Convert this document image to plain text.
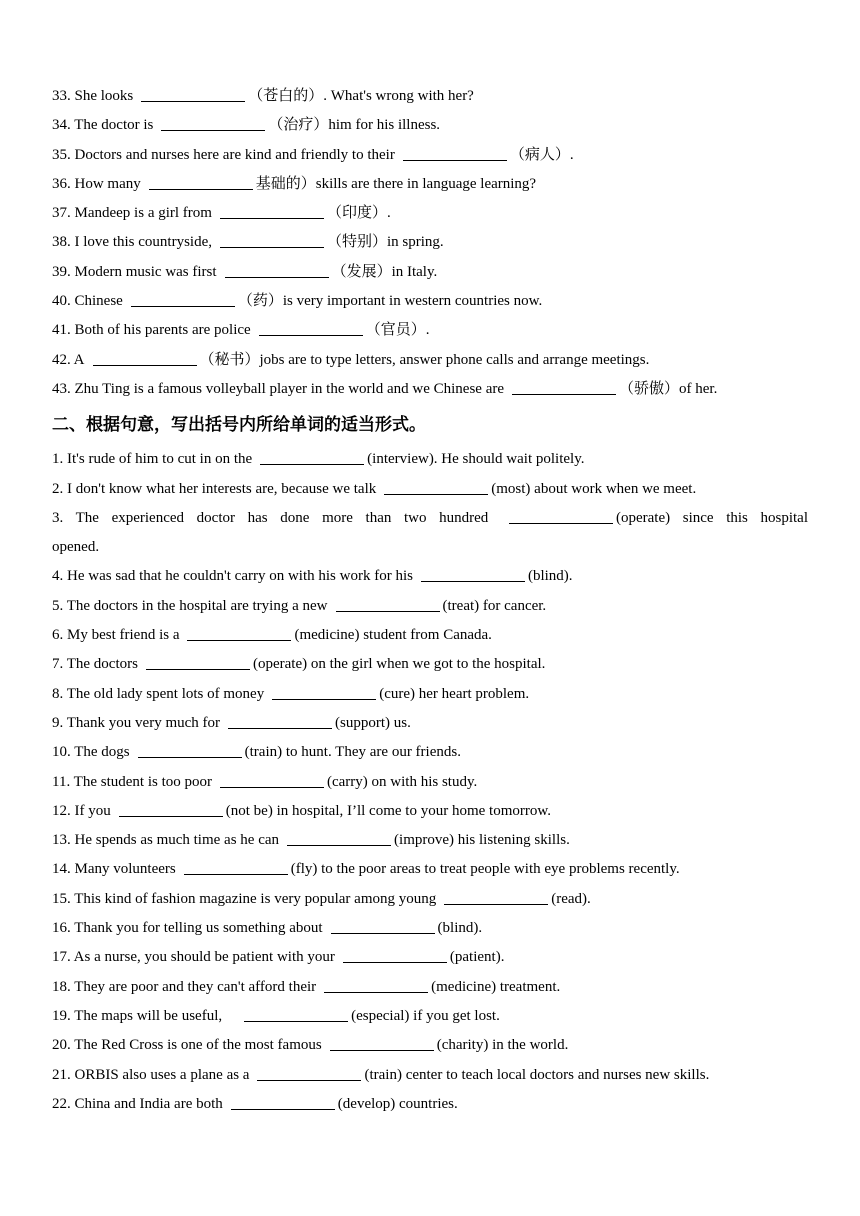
33. She looks	（苍白的）. What's wrong with her?
34. The doctor is	（治疗）him for his illness.
35. Doctors and nurses here are kind and friendly to their	（病人）.
36. How many	基础的）skills are there in language learning?
37. Mandeep is a girl from	（印度）.
38. I love this countryside,	（特别）in spring.
39. Modern music was first	（发展）in Italy.
40. Chinese	（药）is very important in western countries now.
41. Both of his parents are police	（官员）.
42. A	（秘书）jobs are to type letters, answer phone calls and arrange meetings.
43. Zhu Ting is a famous volleyball player in the world and we Chinese are	（骄傲）of her.
二、根据句意，写出括号内所给单词的适当形式。
1. It's rude of him to cut in on the	(interview). He should wait politely.
2. I don't know what her interests are, because we talk	(most) about work when we meet.
3. The experienced doctor has done more than two hundred	(operate) since this hospital
opened.
4. He was sad that he couldn't carry on with his work for his	(blind).
5. The doctors in the hospital are trying a new	(treat) for cancer.
6. My best friend is a	(medicine) student from Canada.
7. The doctors	(operate) on the girl when we got to the hospital.
8. The old lady spent lots of money	(cure) her heart problem.
9. Thank you very much for	(support) us.
10. The dogs	(train) to hunt. They are our friends.
11. The student is too poor	(carry) on with his study.
12. If you	(not be) in hospital, I’ll come to your home tomorrow.
13. He spends as much time as he can	(improve) his listening skills.
14. Many volunteers	(fly) to the poor areas to treat people with eye problems recently.
15. This kind of fashion magazine is very popular among young	(read).
16. Thank you for telling us something about	(blind).
17. As a nurse, you should be patient with your	(patient).
18. They are poor and they can't afford their	(medicine) treatment.
19. The maps will be useful,	(especial) if you get lost.
20. The Red Cross is one of the most famous	(charity) in the world.
21. ORBIS also uses a plane as a	(train) center to teach local doctors and nurses new skills.
22. China and India are both	(develop) countries.
